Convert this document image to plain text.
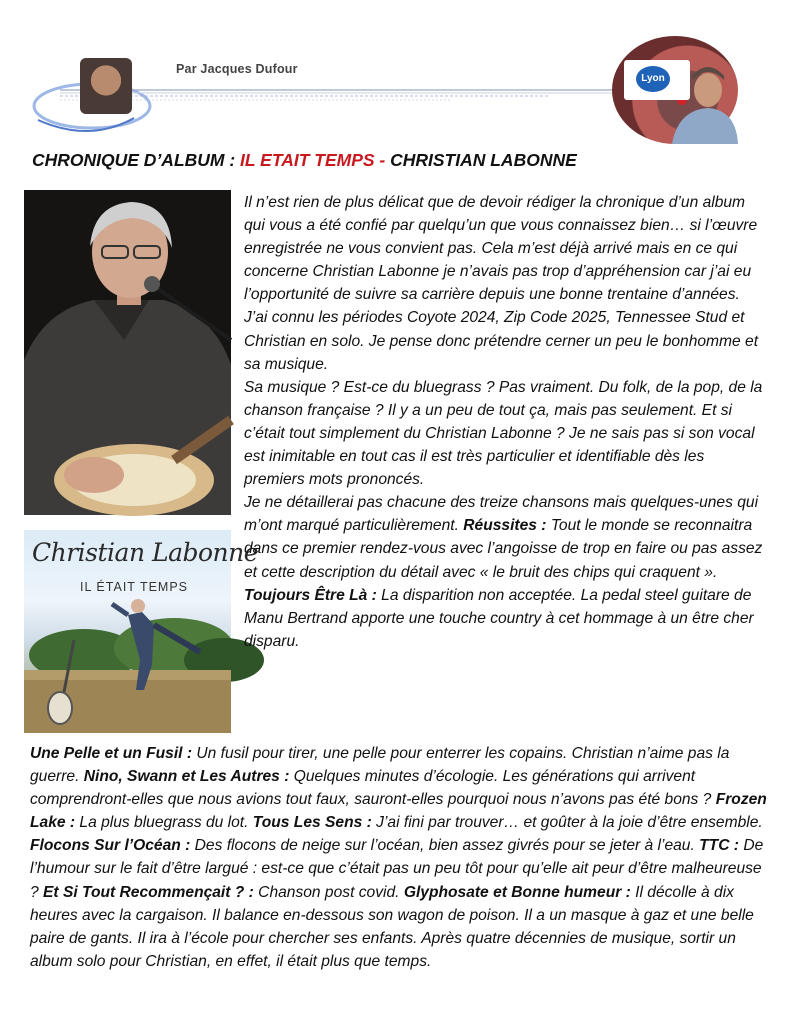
Par Jacques Dufour
Lyon
CHRONIQUE D’ALBUM : IL ETAIT TEMPS - CHRISTIAN LABONNE
Christian Labonne
IL ÉTAIT TEMPS

Il n’est rien de plus délicat que de devoir rédiger la chronique d’un album qui vous a été confié par quelqu’un que vous connaissez bien… si l’œuvre enregistrée ne vous convient pas. Cela m’est déjà arrivé mais en ce qui concerne Christian Labonne je n’avais pas trop d’appréhension car j’ai eu l’opportunité de suivre sa carrière depuis une bonne trentaine d’années. J’ai connu les périodes Coyote 2024, Zip Code 2025, Tennessee Stud et Christian en solo. Je pense donc prétendre cerner un peu le bonhomme et sa musique.

Sa musique ? Est-ce du bluegrass ? Pas vraiment. Du folk, de la pop, de la chanson française ? Il y a un peu de tout ça, mais pas seulement. Et si c’était tout simplement du Christian Labonne ? Je ne sais pas si son vocal est inimitable en tout cas il est très particulier et identifiable dès les premiers mots prononcés.

Je ne détaillerai pas chacune des treize chansons mais quelques-unes qui m’ont marqué particulièrement. Réussites : Tout le monde se reconnaitra dans ce premier rendez-vous avec l’angoisse de trop en faire ou pas assez et cette description du détail avec « le bruit des chips qui craquent ». Toujours Être Là : La disparition non acceptée. La pedal steel guitare de Manu Bertrand apporte une touche country à cet hommage à un être cher disparu.

Une Pelle et un Fusil : Un fusil pour tirer, une pelle pour enterrer les copains. Christian n’aime pas la guerre. Nino, Swann et Les Autres : Quelques minutes d’écologie. Les générations qui arrivent comprendront-elles que nous avions tout faux, sauront-elles pourquoi nous n’avons pas été bons ? Frozen Lake : La plus bluegrass du lot. Tous Les Sens : J’ai fini par trouver… et goûter à la joie d’être ensemble. Flocons Sur l’Océan : Des flocons de neige sur l’océan, bien assez givrés pour se jeter à l’eau. TTC : De l’humour sur le fait d’être largué : est-ce que c’était pas un peu tôt pour qu’elle ait peur d’être malheureuse ? Et Si Tout Recommençait ? : Chanson post covid. Glyphosate et Bonne humeur : Il décolle à dix heures avec la cargaison. Il balance en-dessous son wagon de poison. Il a un masque à gaz et une belle paire de gants. Il ira à l’école pour chercher ses enfants. Après quatre décennies de musique, sortir un album solo pour Christian, en effet, il était plus que temps.
